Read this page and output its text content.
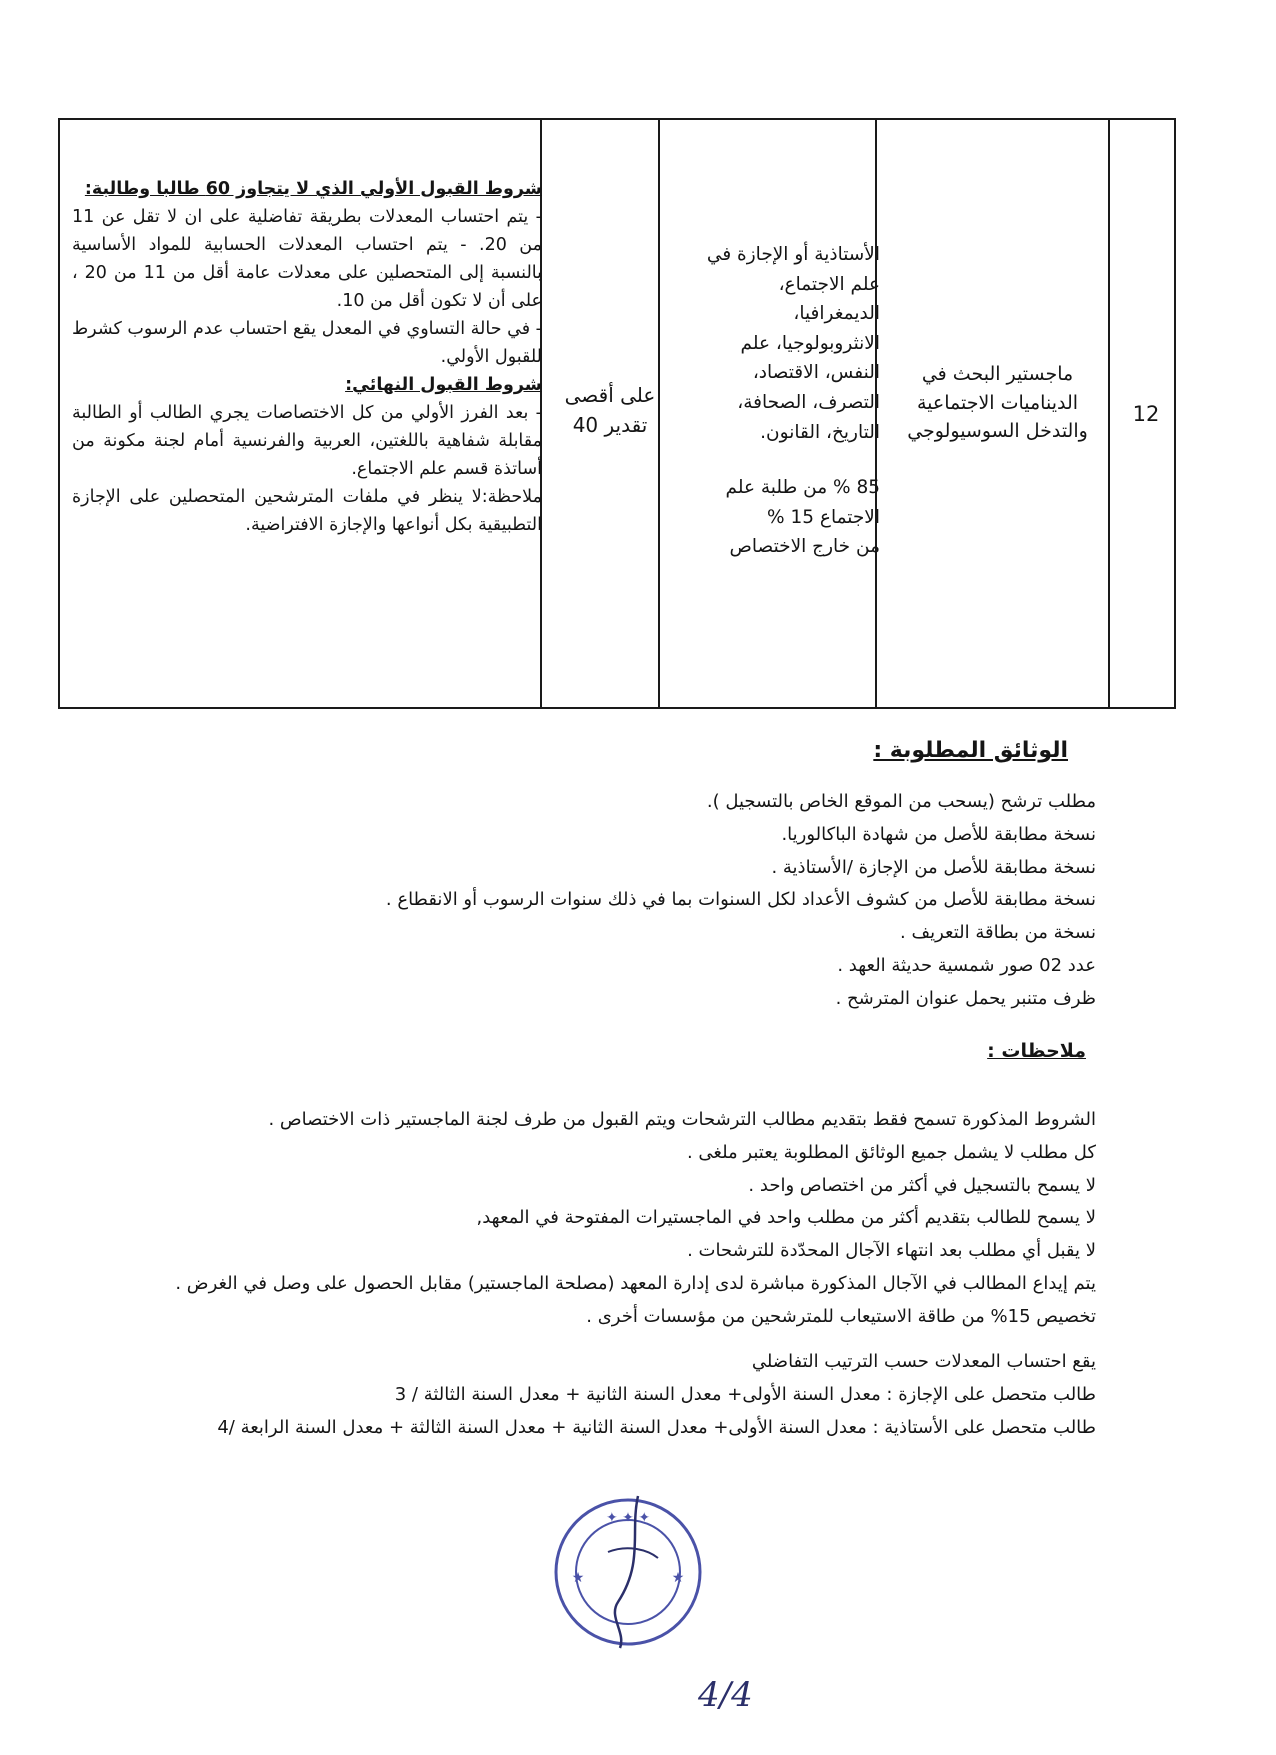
شروط القبول الأولي الذي لا يتجاوز 60 طالبا وطالبة:

- يتم احتساب المعدلات بطريقة تفاضلية على ان لا تقل عن 11 من 20. - يتم احتساب المعدلات الحسابية للمواد الأساسية بالنسبة إلى المتحصلين على معدلات عامة أقل من 11 من 20 ، على أن لا تكون أقل من 10.

- في حالة التساوي في المعدل يقع احتساب عدم الرسوب كشرط للقبول الأولي.

شروط القبول النهائي:

- بعد الفرز الأولي من كل الاختصاصات يجري الطالب أو الطالبة مقابلة شفاهية باللغتين، العربية والفرنسية أمام لجنة مكونة من أساتذة قسم علم الاجتماع.

ملاحظة:لا ينظر في ملفات المترشحين المتحصلين على الإجازة التطبيقية بكل أنواعها والإجازة الافتراضية.

على أقصى
تقدير 40

الأستاذية أو الإجازة في

علم الاجتماع،

الديمغرافيا،

الانثروبولوجيا، علم

النفس، الاقتصاد،

التصرف، الصحافة،

التاريخ، القانون.

85 % من طلبة علم

الاجتماع 15 %

من خارج الاختصاص

ماجستير البحث في الديناميات الاجتماعية والتدخل السوسيولوجي
12
الوثائق المطلوبة :
مطلب ترشح (يسحب من الموقع الخاص بالتسجيل ).
نسخة مطابقة للأصل من شهادة الباكالوريا.
نسخة مطابقة للأصل من الإجازة /الأستاذية .
نسخة مطابقة للأصل من كشوف الأعداد لكل السنوات بما في ذلك سنوات الرسوب أو الانقطاع .
نسخة من بطاقة التعريف .
عدد 02 صور شمسية حديثة العهد .
ظرف متنبر يحمل عنوان المترشح .
ملاحظات :
الشروط المذكورة تسمح فقط بتقديم مطالب الترشحات ويتم القبول من طرف لجنة الماجستير ذات الاختصاص .
كل مطلب لا يشمل جميع الوثائق المطلوبة يعتبر ملغى .
لا يسمح بالتسجيل في أكثر من اختصاص واحد .
لا يسمح للطالب بتقديم أكثر من مطلب واحد في الماجستيرات المفتوحة في المعهد,
لا يقبل أي مطلب بعد انتهاء الآجال المحدّدة للترشحات .
يتم إيداع المطالب في الآجال المذكورة مباشرة لدى إدارة المعهد (مصلحة الماجستير) مقابل الحصول على وصل في الغرض .
تخصيص 15% من طاقة الاستيعاب للمترشحين من مؤسسات أخرى .
يقع احتساب المعدلات حسب الترتيب التفاضلي
طالب متحصل على الإجازة : معدل السنة الأولى+ معدل السنة الثانية + معدل السنة الثالثة / 3
طالب متحصل على الأستاذية : معدل السنة الأولى+ معدل السنة الثانية + معدل السنة الثالثة + معدل السنة الرابعة /4
✦ ✦ ✦
★	★
4/4
